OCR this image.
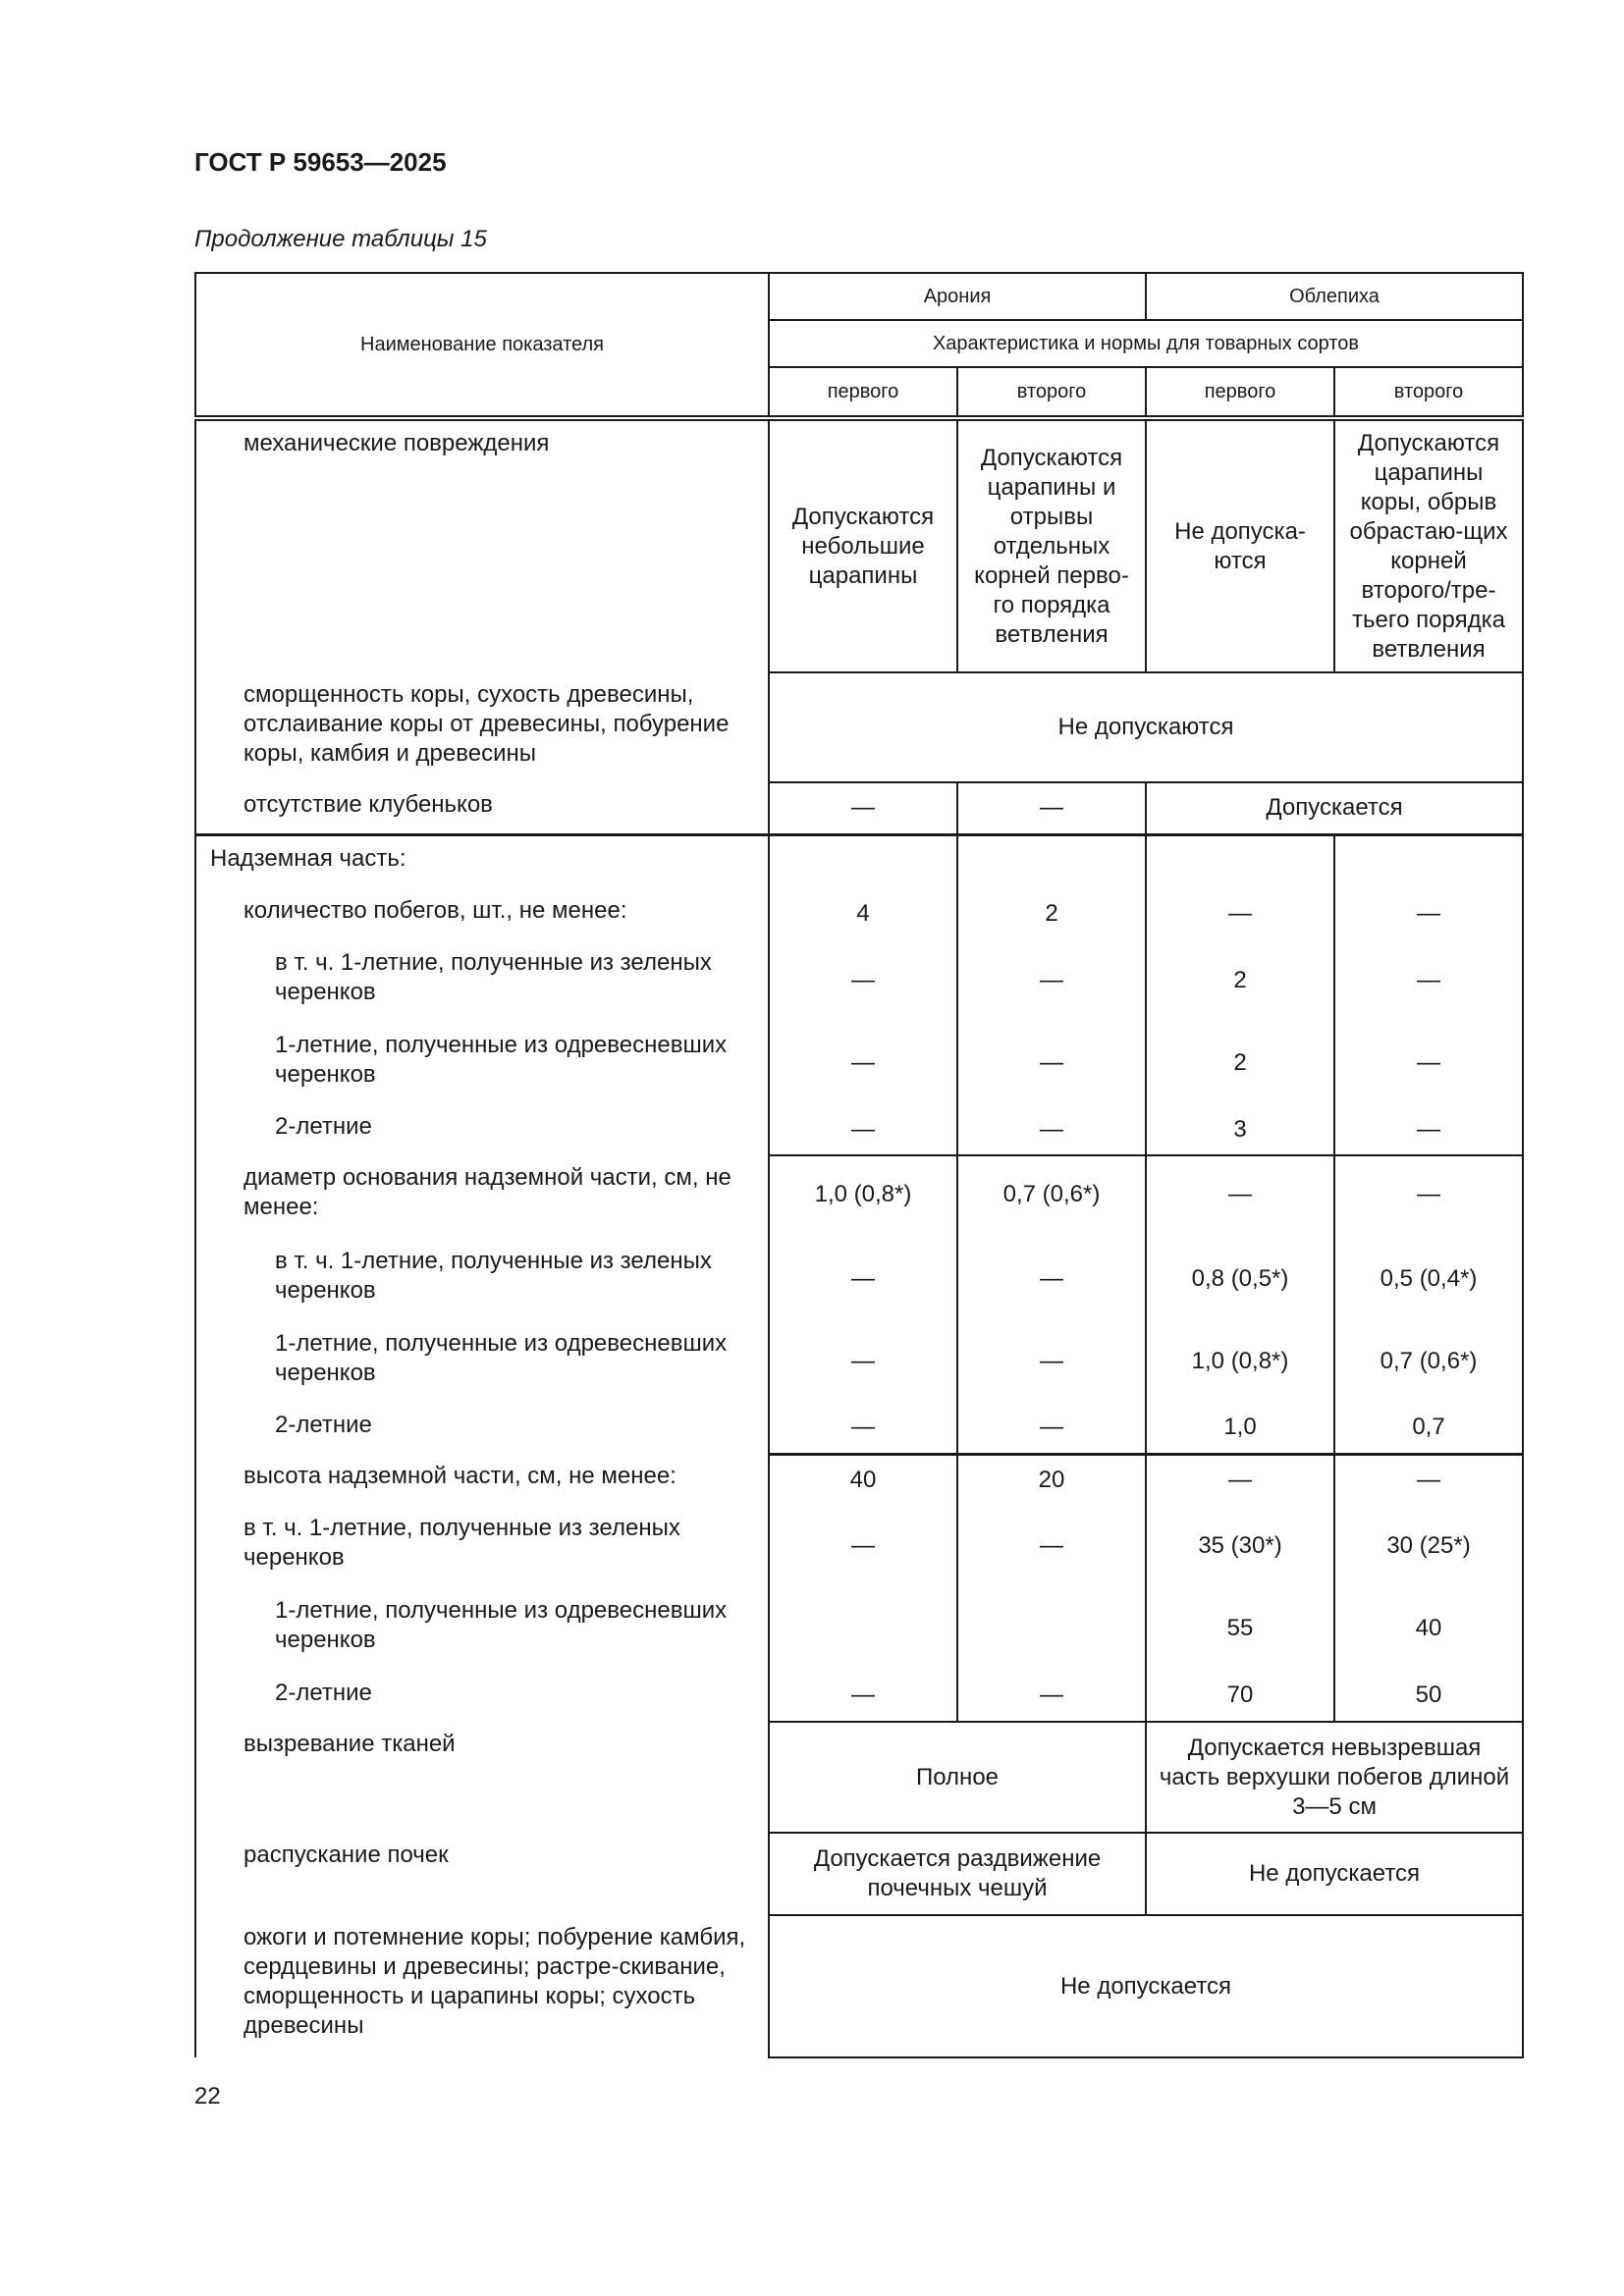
ГОСТ Р 59653—2025
Продолжение таблицы 15
Наименование показателя	Арония		Облепиха	
	Характеристика и нормы для товарных сортов			
	первого	второго	первого	второго
механические повреждения	Допускаются небольшие царапины	Допускаются царапины и отрывы отдельных корней перво-го порядка ветвления	Не допуска-ются	Допускаются царапины коры, обрыв обрастаю-щих корней второго/тре-тьего порядка ветвления
сморщенность коры, сухость древесины, отслаивание коры от древесины, побурение коры, камбия и древесины	Не допускаются			
отсутствие клубеньков	—	—	Допускается	
Надземная часть:				
количество побегов, шт., не менее:	4	2	—	—
в т. ч. 1-летние, полученные из зеленых черенков	—	—	2	—
1-летние, полученные из одревесневших черенков	—	—	2	—
2-летние	—	—	3	—
диаметр основания надземной части, см, не менее:	1,0 (0,8*)	0,7 (0,6*)	—	—
в т. ч. 1-летние, полученные из зеленых черенков	—	—	0,8 (0,5*)	0,5 (0,4*)
1-летние, полученные из одревесневших черенков	—	—	1,0 (0,8*)	0,7 (0,6*)
2-летние	—	—	1,0	0,7
высота надземной части, см, не менее:	40	20	—	—
в т. ч. 1-летние, полученные из зеленых черенков	—	—	35 (30*)	30 (25*)
1-летние, полученные из одревесневших черенков			55	40
2-летние	—	—	70	50
вызревание тканей	Полное		Допускается невызревшая часть верхушки побегов длиной 3—5 см	
распускание почек	Допускается раздвижение почечных чешуй		Не допускается	
ожоги и потемнение коры; побурение камбия, сердцевины и древесины; растре-скивание, сморщенность и царапины коры; сухость древесины	Не допускается			
22
